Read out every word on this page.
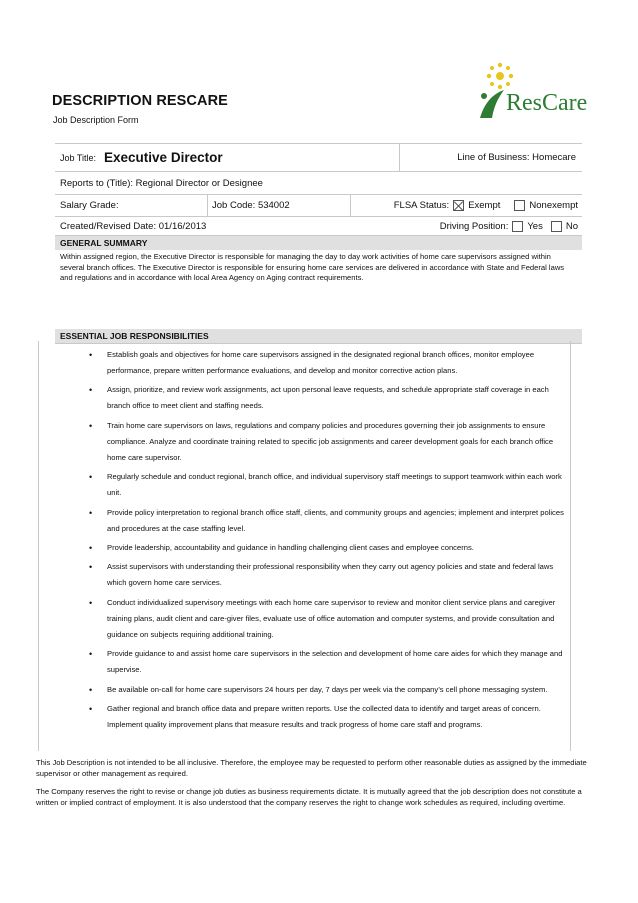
DESCRIPTION RESCARE
Job Description Form
ResCare
Job Title: Executive Director	Line of Business: Homecare
Reports to (Title): Regional Director or Designee
Salary Grade:	Job Code: 534002	FLSA Status: Exempt	Nonexempt
Created/Revised Date: 01/16/2013	Driving Position: Yes No
GENERAL SUMMARY
Within assigned region, the Executive Director is responsible for managing the day to day work activities of home care supervisors assigned within several branch offices. The Executive Director is responsible for ensuring home care services are delivered in accordance with State and Federal laws and regulations and in accordance with local Area Agency on Aging contract requirements.
ESSENTIAL JOB RESPONSIBILITIES
• Establish goals and objectives for home care supervisors assigned in the designated regional branch offices, monitor employee performance, prepare written performance evaluations, and develop and monitor corrective action plans.
• Assign, prioritize, and review work assignments, act upon personal leave requests, and schedule appropriate staff coverage in each branch office to meet client and staffing needs.
• Train home care supervisors on laws, regulations and company policies and procedures governing their job assignments to ensure compliance. Analyze and coordinate training related to specific job assignments and career development goals for each branch office home care supervisor.
• Regularly schedule and conduct regional, branch office, and individual supervisory staff meetings to support teamwork within each work unit.
• Provide policy interpretation to regional branch office staff, clients, and community groups and agencies; implement and interpret polices and procedures at the case staffing level.
• Provide leadership, accountability and guidance in handling challenging client cases and employee concerns.
• Assist supervisors with understanding their professional responsibility when they carry out agency policies and state and federal laws which govern home care services.
• Conduct individualized supervisory meetings with each home care supervisor to review and monitor client service plans and caregiver training plans, audit client and care-giver files, evaluate use of office automation and computer systems, and provide consultation and guidance on subjects requiring additional training.
• Provide guidance to and assist home care supervisors in the selection and development of home care aides for which they manage and supervise.
• Be available on-call for home care supervisors 24 hours per day, 7 days per week via the company’s cell phone messaging system.
• Gather regional and branch office data and prepare written reports. Use the collected data to identify and target areas of concern. Implement quality improvement plans that measure results and track progress of home care staff and programs.
This Job Description is not intended to be all inclusive. Therefore, the employee may be requested to perform other reasonable duties as assigned by the immediate supervisor or other management as required.
The Company reserves the right to revise or change job duties as business requirements dictate. It is mutually agreed that the job description does not constitute a written or implied contract of employment. It is also understood that the company reserves the right to change work schedules as required, including overtime.
